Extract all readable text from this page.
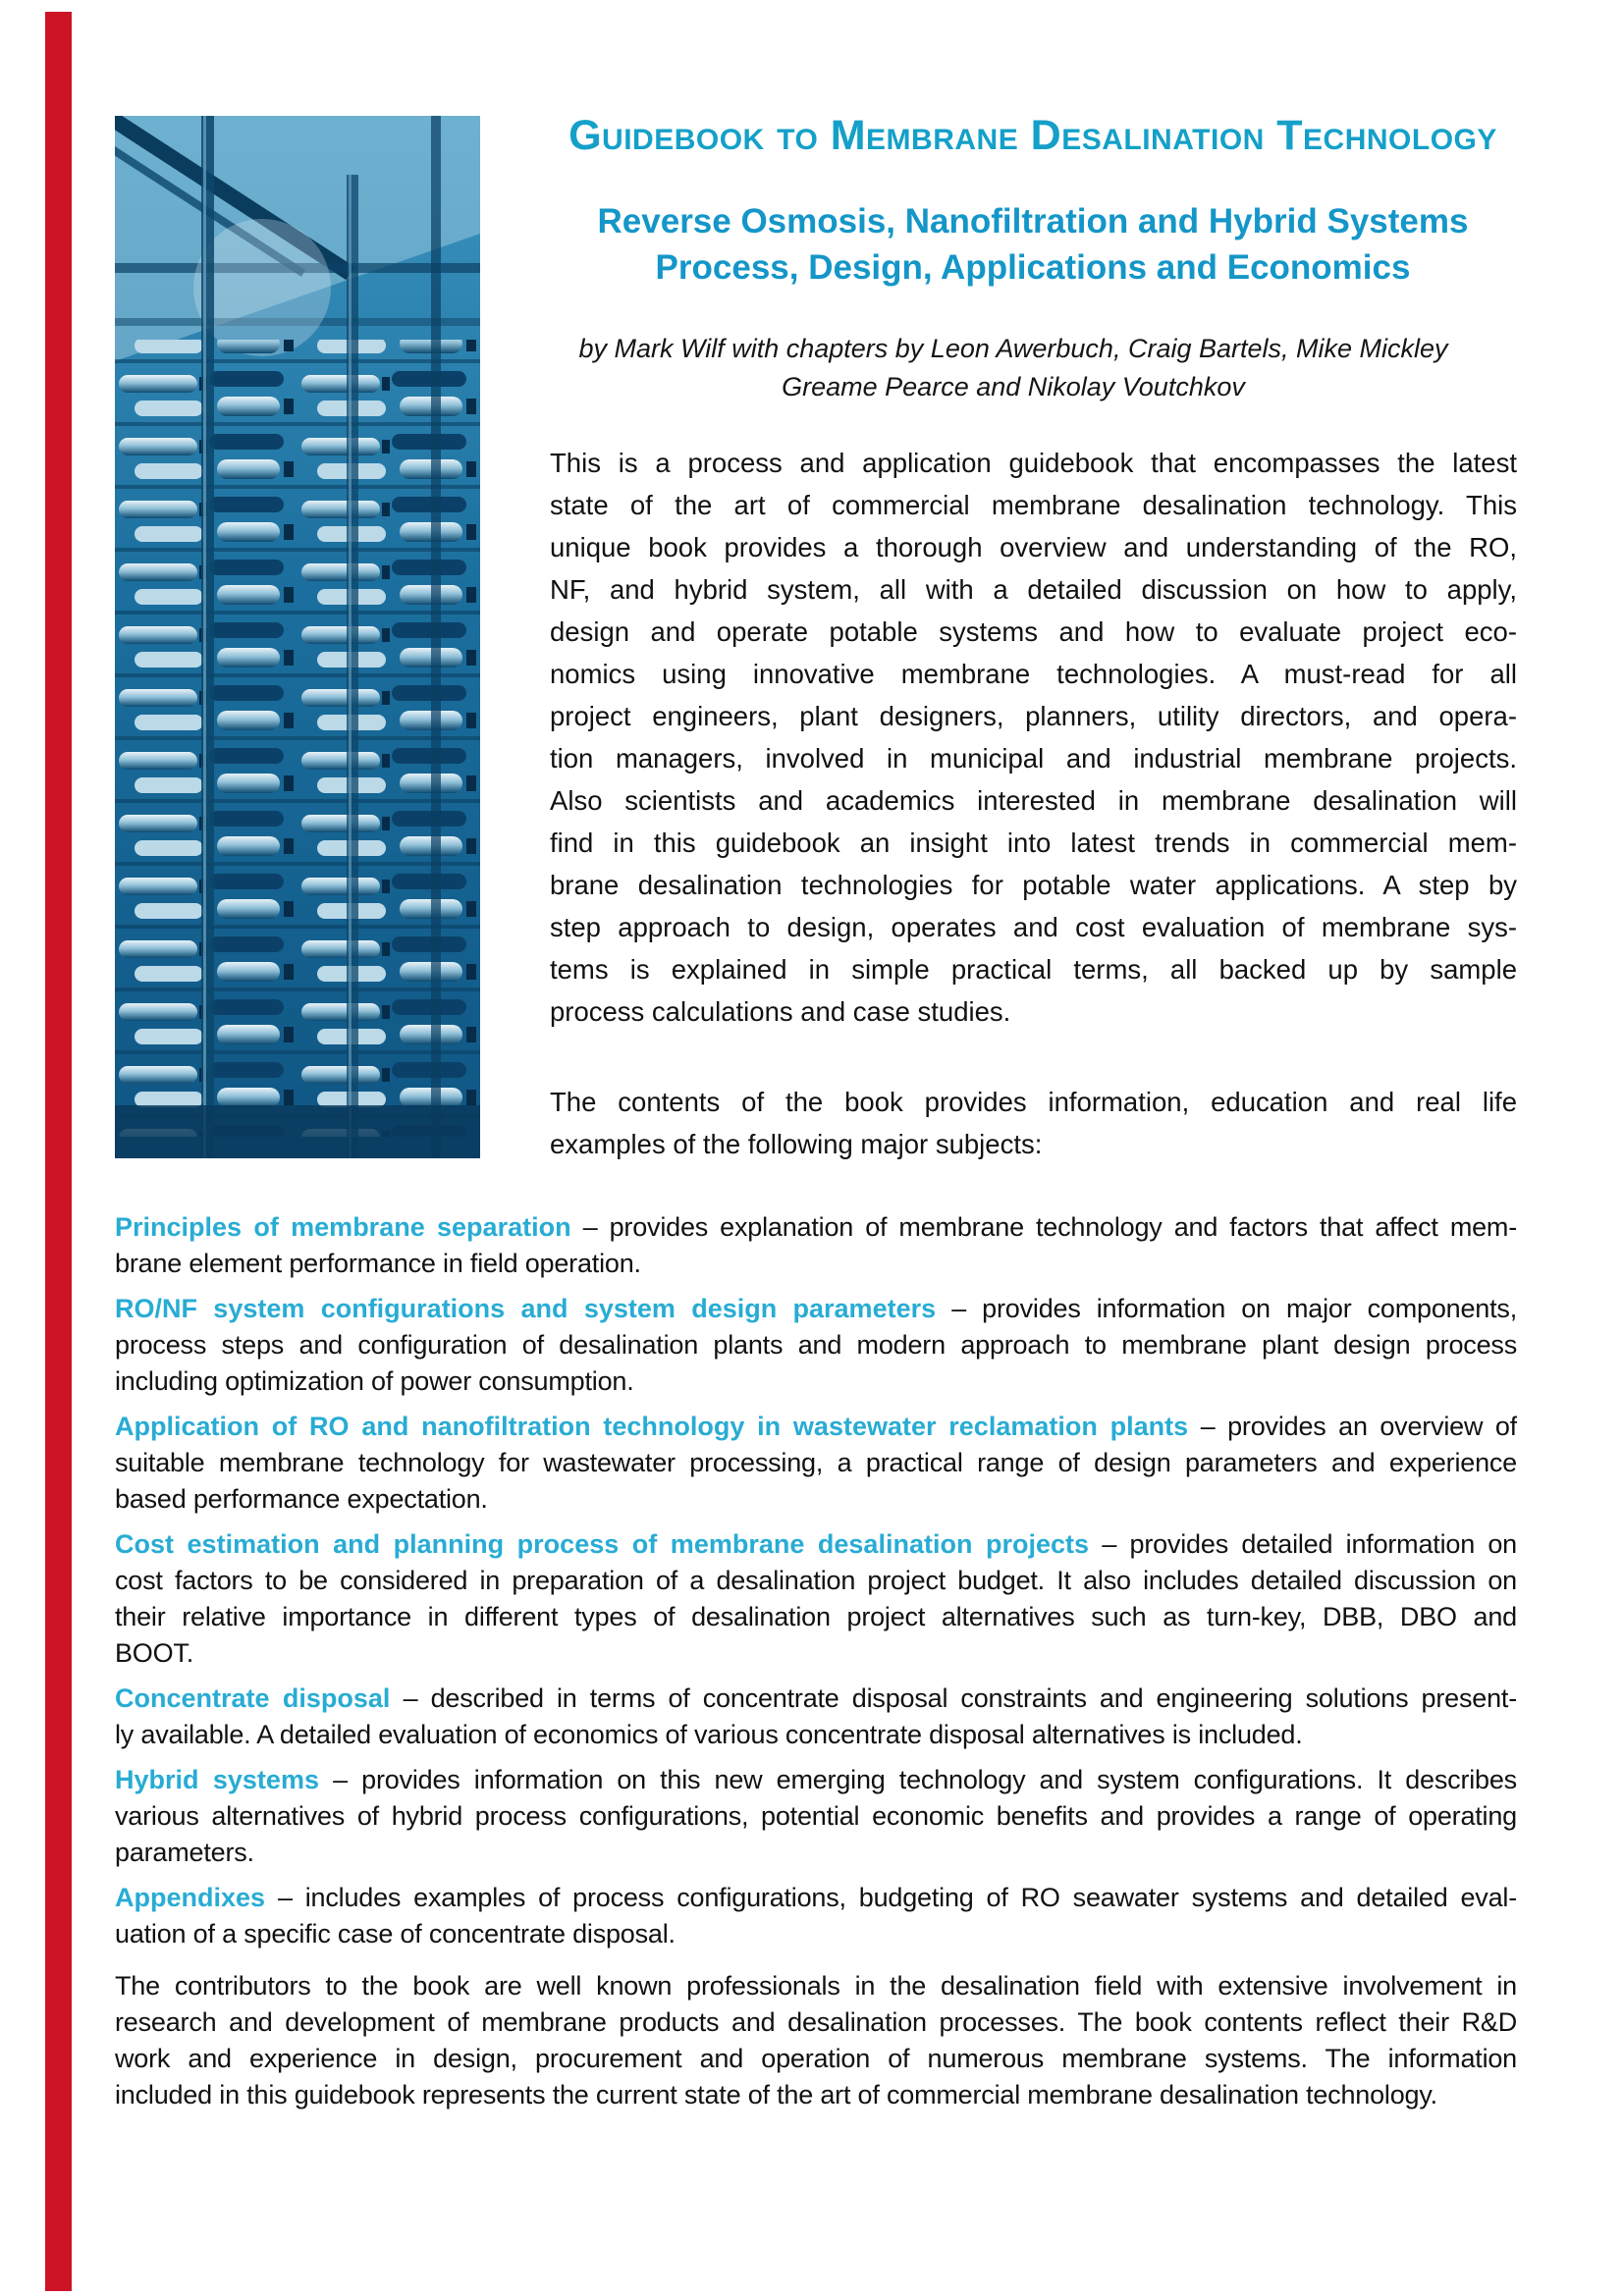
Guidebook to Membrane Desalination Technology
Reverse Osmosis, Nanofiltration and Hybrid Systems
Process, Design, Applications and Economics
by Mark Wilf with chapters by Leon Awerbuch, Craig Bartels, Mike Mickley
Greame Pearce and Nikolay Voutchkov
This is a process and application guidebook that encompasses the latest
state of the art of commercial membrane desalination technology. This
unique book provides a thorough overview and understanding of the RO,
NF, and hybrid system, all with a detailed discussion on how to apply,
design and operate potable systems and how to evaluate project eco-
nomics using innovative membrane technologies. A must-read for all
project engineers, plant designers, planners, utility directors, and opera-
tion managers, involved in municipal and industrial membrane projects.
Also scientists and academics interested in membrane desalination will
find in this guidebook an insight into latest trends in commercial mem-
brane desalination technologies for potable water applications. A step by
step approach to design, operates and cost evaluation of membrane sys-
tems is explained in simple practical terms, all backed up by sample
process calculations and case studies.
The contents of the book provides information, education and real life
examples of the following major subjects:
Principles of membrane separation – provides explanation of membrane technology and factors that affect mem-
brane element performance in field operation.
RO/NF system configurations and system design parameters – provides information on major components,
process steps and configuration of desalination plants and modern approach to membrane plant design process
including optimization of power consumption.
Application of RO and nanofiltration technology in wastewater reclamation plants – provides an overview of
suitable membrane technology for wastewater processing, a practical range of design parameters and experience
based performance expectation.
Cost estimation and planning process of membrane desalination projects – provides detailed information on
cost factors to be considered in preparation of a desalination project budget. It also includes detailed discussion on
their relative importance in different types of desalination project alternatives such as turn-key, DBB, DBO and
BOOT.
Concentrate disposal – described in terms of concentrate disposal constraints and engineering solutions present-
ly available. A detailed evaluation of economics of various concentrate disposal alternatives is included.
Hybrid systems – provides information on this new emerging technology and system configurations. It describes
various alternatives of hybrid process configurations, potential economic benefits and provides a range of operating
parameters.
Appendixes – includes examples of process configurations, budgeting of RO seawater systems and detailed eval-
uation of a specific case of concentrate disposal.
The contributors to the book are well known professionals in the desalination field with extensive involvement in
research and development of membrane products and desalination processes. The book contents reflect their R&D
work and experience in design, procurement and operation of numerous membrane systems. The information
included in this guidebook represents the current state of the art of commercial membrane desalination technology.
